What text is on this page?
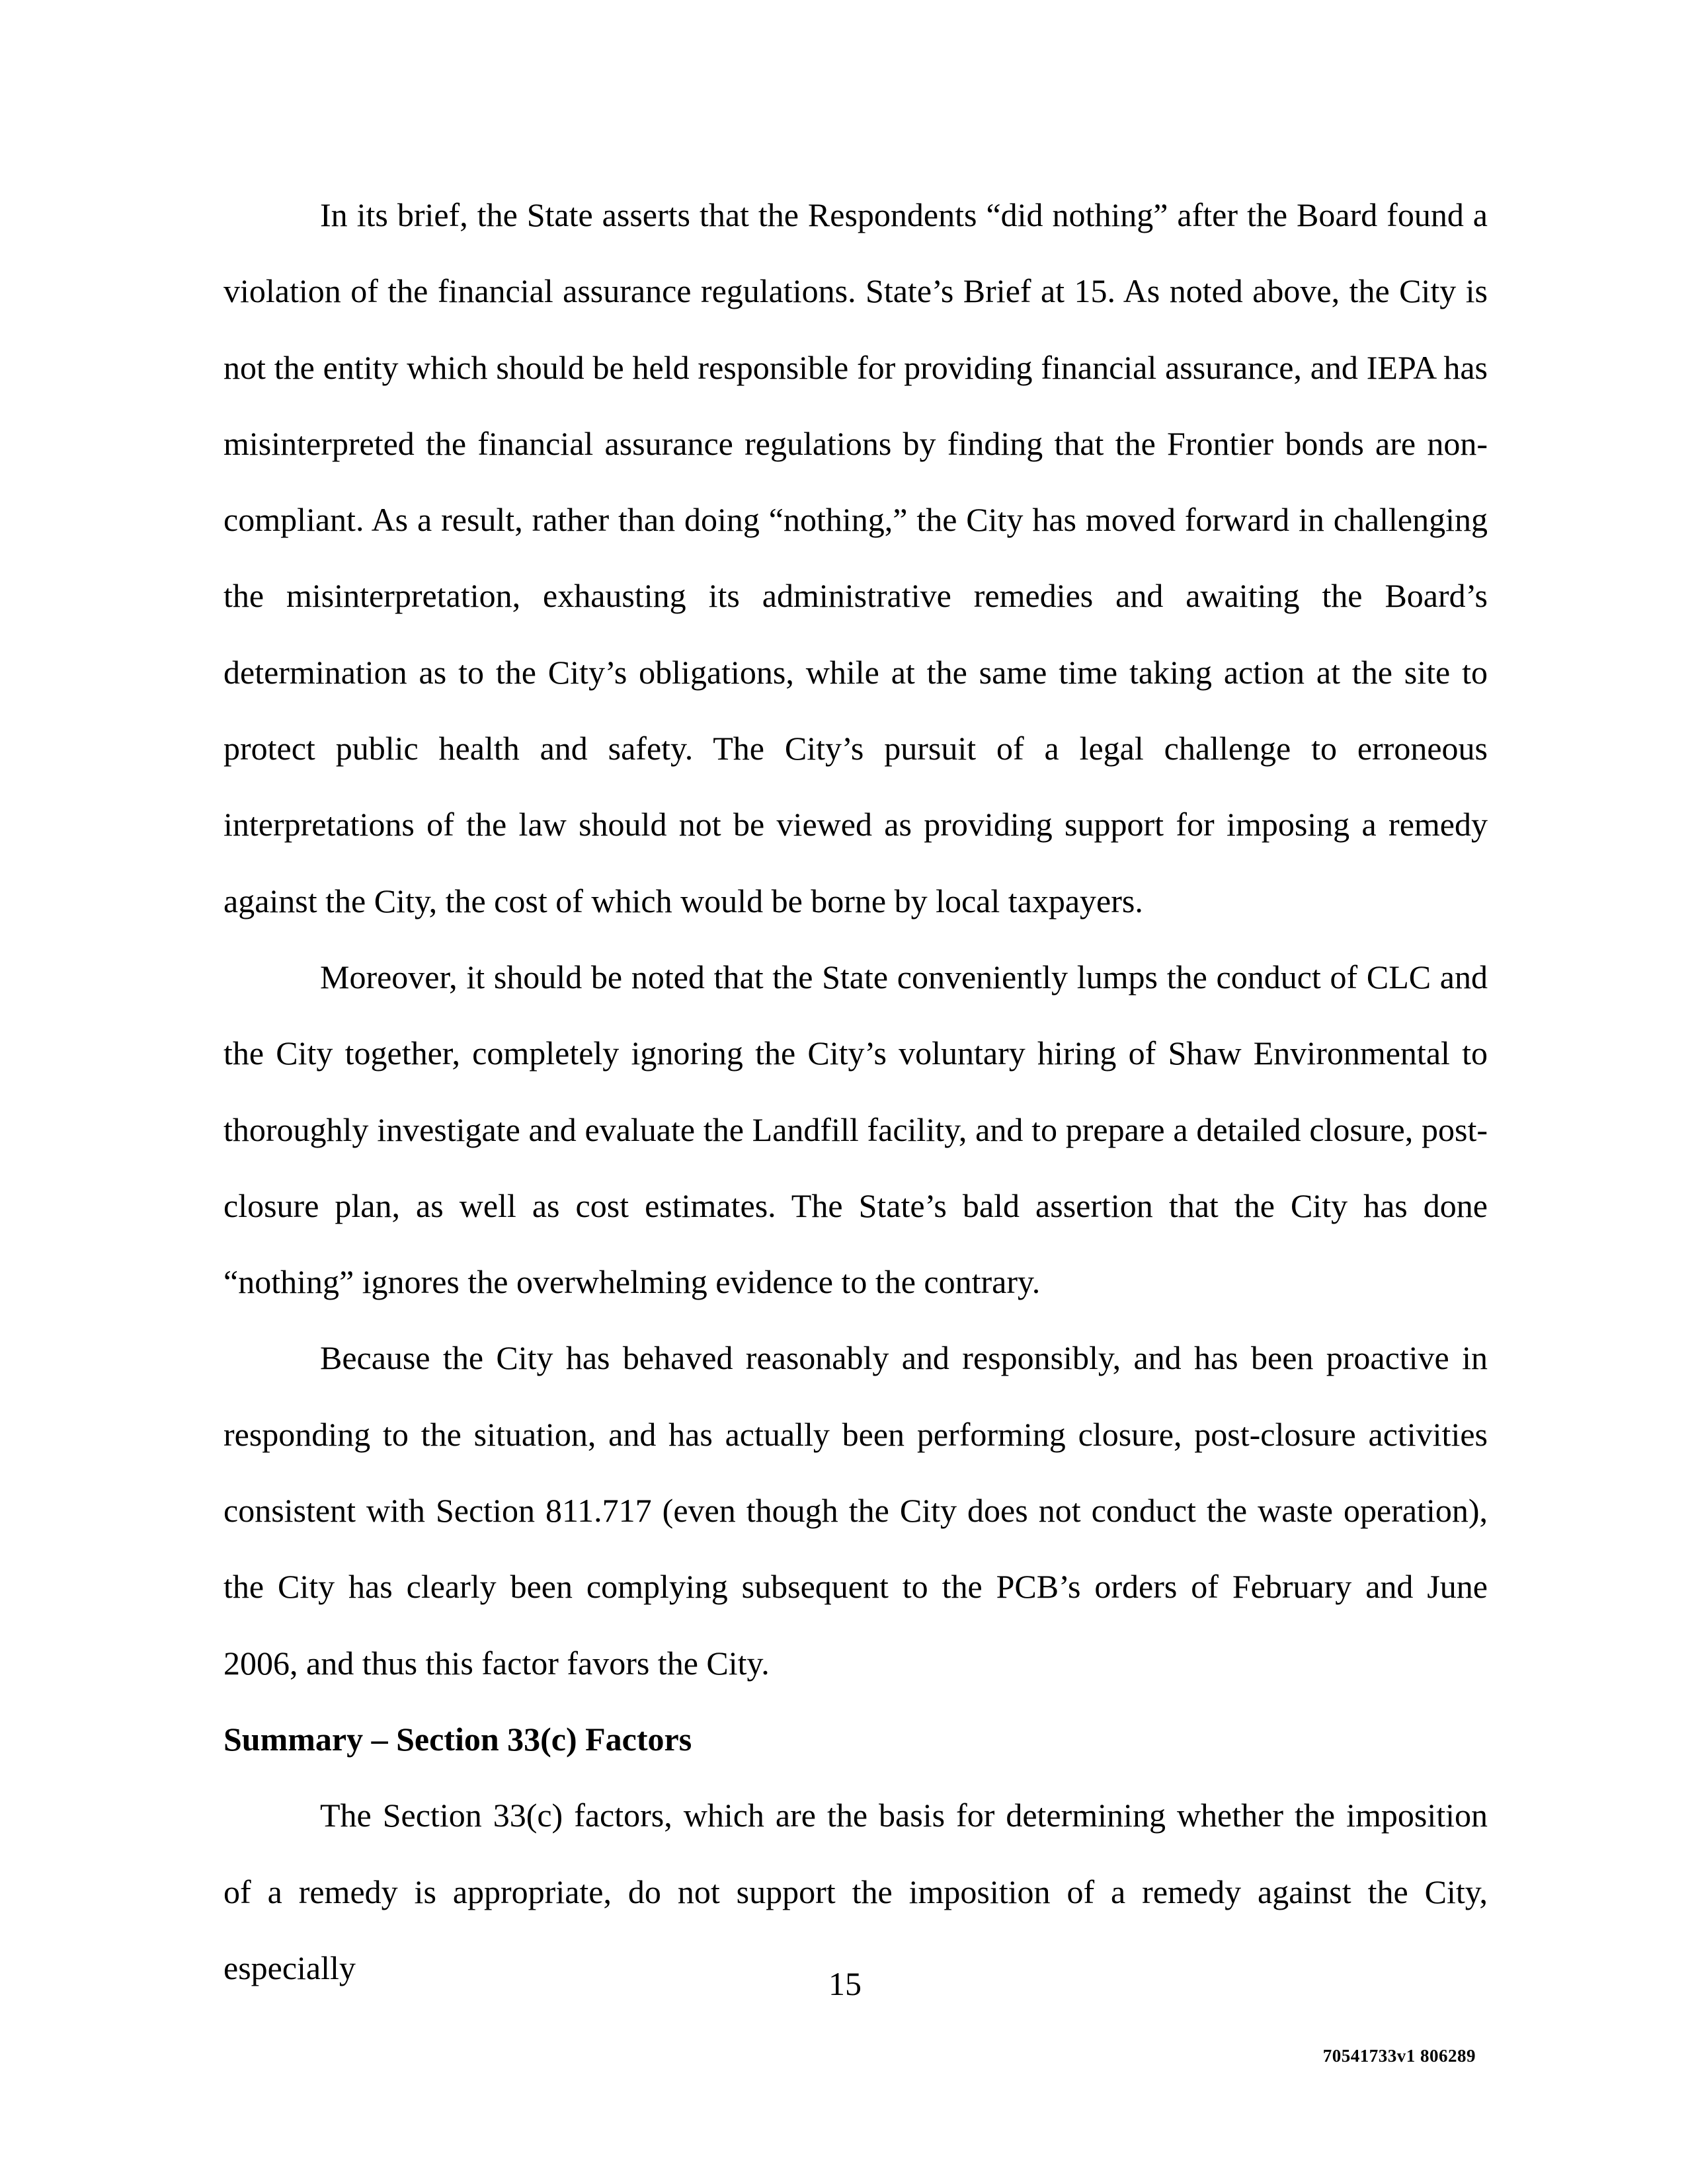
In its brief, the State asserts that the Respondents “did nothing” after the Board found a violation of the financial assurance regulations. State’s Brief at 15. As noted above, the City is not the entity which should be held responsible for providing financial assurance, and IEPA has misinterpreted the financial assurance regulations by finding that the Frontier bonds are non-compliant. As a result, rather than doing “nothing,” the City has moved forward in challenging the misinterpretation, exhausting its administrative remedies and awaiting the Board’s determination as to the City’s obligations, while at the same time taking action at the site to protect public health and safety. The City’s pursuit of a legal challenge to erroneous interpretations of the law should not be viewed as providing support for imposing a remedy against the City, the cost of which would be borne by local taxpayers.

Moreover, it should be noted that the State conveniently lumps the conduct of CLC and the City together, completely ignoring the City’s voluntary hiring of Shaw Environmental to thoroughly investigate and evaluate the Landfill facility, and to prepare a detailed closure, post-closure plan, as well as cost estimates. The State’s bald assertion that the City has done “nothing” ignores the overwhelming evidence to the contrary.

Because the City has behaved reasonably and responsibly, and has been proactive in responding to the situation, and has actually been performing closure, post-closure activities consistent with Section 811.717 (even though the City does not conduct the waste operation), the City has clearly been complying subsequent to the PCB’s orders of February and June 2006, and thus this factor favors the City.

Summary – Section 33(c) Factors

The Section 33(c) factors, which are the basis for determining whether the imposition of a remedy is appropriate, do not support the imposition of a remedy against the City, especially	15
70541733v1 806289
